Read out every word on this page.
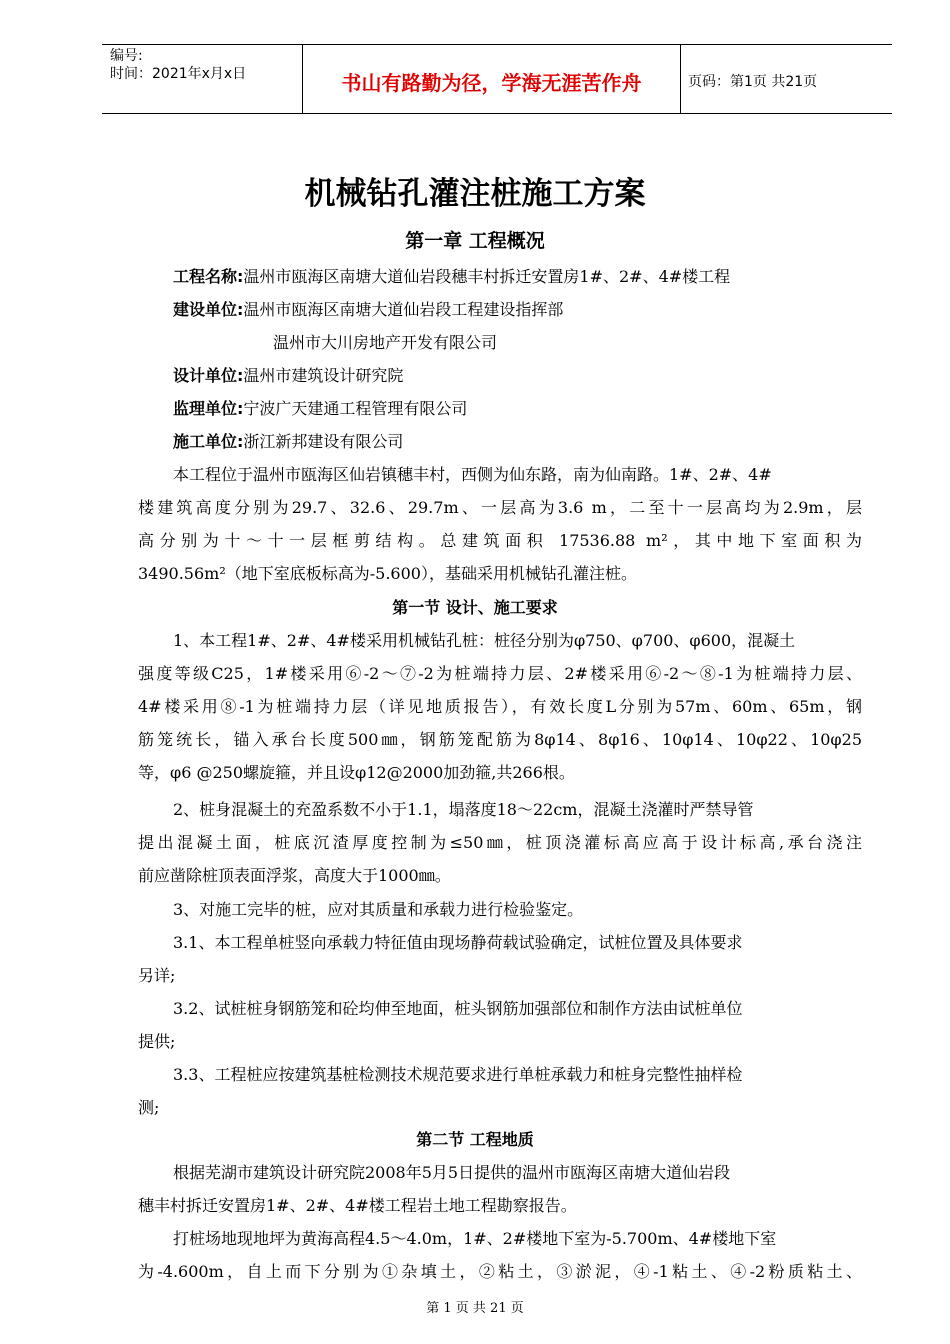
编号:
时间：2021年x月x日	书山有路勤为径，学海无涯苦作舟	页码：第1页 共21页
机械钻孔灌注桩施工方案
第一章 工程概况
工程名称:温州市瓯海区南塘大道仙岩段穗丰村拆迁安置房1#、2#、4#楼工程
建设单位:温州市瓯海区南塘大道仙岩段工程建设指挥部
温州市大川房地产开发有限公司
设计单位:温州市建筑设计研究院
监理单位:宁波广天建通工程管理有限公司
施工单位:浙江新邦建设有限公司
本工程位于温州市瓯海区仙岩镇穗丰村，西侧为仙东路，南为仙南路。1#、2#、4#
楼建筑高度分别为29.7、32.6、29.7m、一层高为3.6 m，二至十一层高均为2.9m，层
高分别为十～十一层框剪结构。总建筑面积 17536.88 m²，其中地下室面积为
3490.56m²（地下室底板标高为-5.600），基础采用机械钻孔灌注桩。
第一节 设计、施工要求
1、本工程1#、2#、4#楼采用机械钻孔桩：桩径分别为φ750、φ700、φ600，混凝土
强度等级C25，1#楼采用⑥-2～⑦-2为桩端持力层、2#楼采用⑥-2～⑧-1为桩端持力层、
4#楼采用⑧-1为桩端持力层（详见地质报告），有效长度L分别为57m、60m、65m，钢
筋笼统长，锚入承台长度500㎜，钢筋笼配筋为8φ14、8φ16、10φ14、10φ22、10φ25
等，φ6 @250螺旋箍，并且设φ12@2000加劲箍,共266根。
2、桩身混凝土的充盈系数不小于1.1，塌落度18～22cm，混凝土浇灌时严禁导管
提出混凝土面，桩底沉渣厚度控制为≤50㎜，桩顶浇灌标高应高于设计标高,承台浇注
前应凿除桩顶表面浮浆，高度大于1000㎜。
3、对施工完毕的桩，应对其质量和承载力进行检验鉴定。
3.1、本工程单桩竖向承载力特征值由现场静荷载试验确定，试桩位置及具体要求
另详;
3.2、试桩桩身钢筋笼和砼均伸至地面，桩头钢筋加强部位和制作方法由试桩单位
提供;
3.3、工程桩应按建筑基桩检测技术规范要求进行单桩承载力和桩身完整性抽样检
测;
第二节 工程地质
根据芜湖市建筑设计研究院2008年5月5日提供的温州市瓯海区南塘大道仙岩段
穗丰村拆迁安置房1#、2#、4#楼工程岩土地工程勘察报告。
打桩场地现地坪为黄海高程4.5～4.0m，1#、2#楼地下室为-5.700m、4#楼地下室
为-4.600m，自上而下分别为①杂填土，②粘土，③淤泥，④-1粘土、④-2粉质粘土、
第 1 页 共 21 页
